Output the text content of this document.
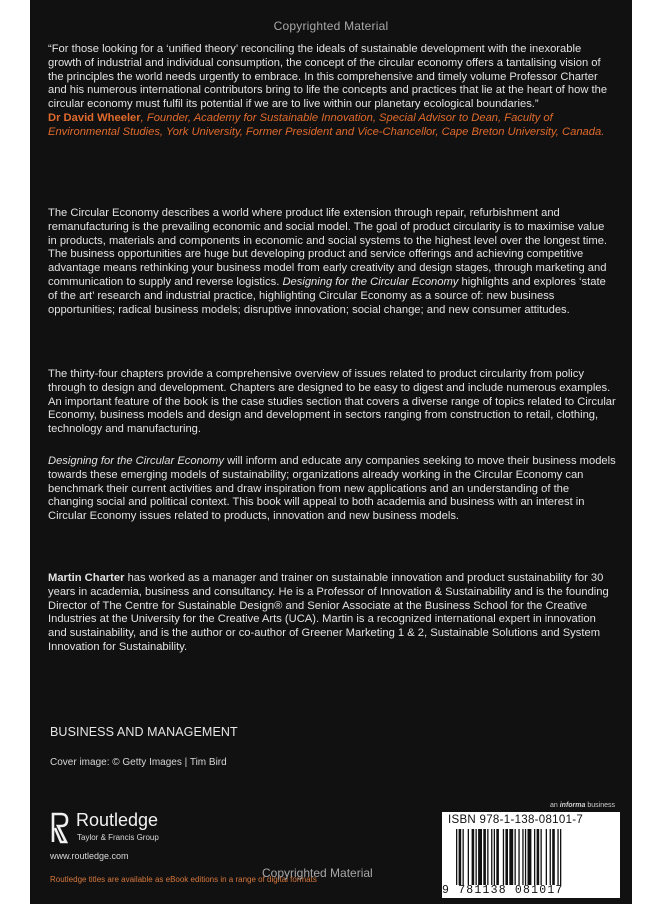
Copyrighted Material

“For those looking for a ‘unified theory’ reconciling the ideals of sustainable development with the inexorable growth of industrial and individual consumption, the concept of the circular economy offers a tantalising vision of the principles the world needs urgently to embrace. In this comprehensive and timely volume Professor Charter and his numerous international contributors bring to life the concepts and practices that lie at the heart of how the circular economy must fulfil its potential if we are to live within our planetary ecological boundaries.”

Dr David Wheeler, Founder, Academy for Sustainable Innovation, Special Advisor to Dean, Faculty of Environmental Studies, York University, Former President and Vice-Chancellor, Cape Breton University, Canada.

The Circular Economy describes a world where product life extension through repair, refurbishment and remanufacturing is the prevailing economic and social model. The goal of product circularity is to maximise value in products, materials and components in economic and social systems to the highest level over the longest time. The business opportunities are huge but developing product and service offerings and achieving competitive advantage means rethinking your business model from early creativity and design stages, through marketing and communication to supply and reverse logistics. Designing for the Circular Economy highlights and explores ‘state of the art’ research and industrial practice, highlighting Circular Economy as a source of: new business opportunities; radical business models; disruptive innovation; social change; and new consumer attitudes.

The thirty-four chapters provide a comprehensive overview of issues related to product circularity from policy through to design and development. Chapters are designed to be easy to digest and include numerous examples. An important feature of the book is the case studies section that covers a diverse range of topics related to Circular Economy, business models and design and development in sectors ranging from construction to retail, clothing, technology and manufacturing.

Designing for the Circular Economy will inform and educate any companies seeking to move their business models towards these emerging models of sustainability; organizations already working in the Circular Economy can benchmark their current activities and draw inspiration from new applications and an understanding of the changing social and political context. This book will appeal to both academia and business with an interest in Circular Economy issues related to products, innovation and new business models.

Martin Charter has worked as a manager and trainer on sustainable innovation and product sustainability for 30 years in academia, business and consultancy. He is a Professor of Innovation & Sustainability and is the founding Director of The Centre for Sustainable Design® and Senior Associate at the Business School for the Creative Industries at the University for the Creative Arts (UCA). Martin is a recognized international expert in innovation and sustainability, and is the author or co-author of Greener Marketing 1 & 2, Sustainable Solutions and System Innovation for Sustainability.

BUSINESS AND MANAGEMENT
Cover image: © Getty Images | Tim Bird
Routledge
Taylor & Francis Group
www.routledge.com
Routledge titles are available as eBook editions in a range of digital formats
an informa business
ISBN 978-1-138-08101-7
9 781138 081017
Copyrighted Material
